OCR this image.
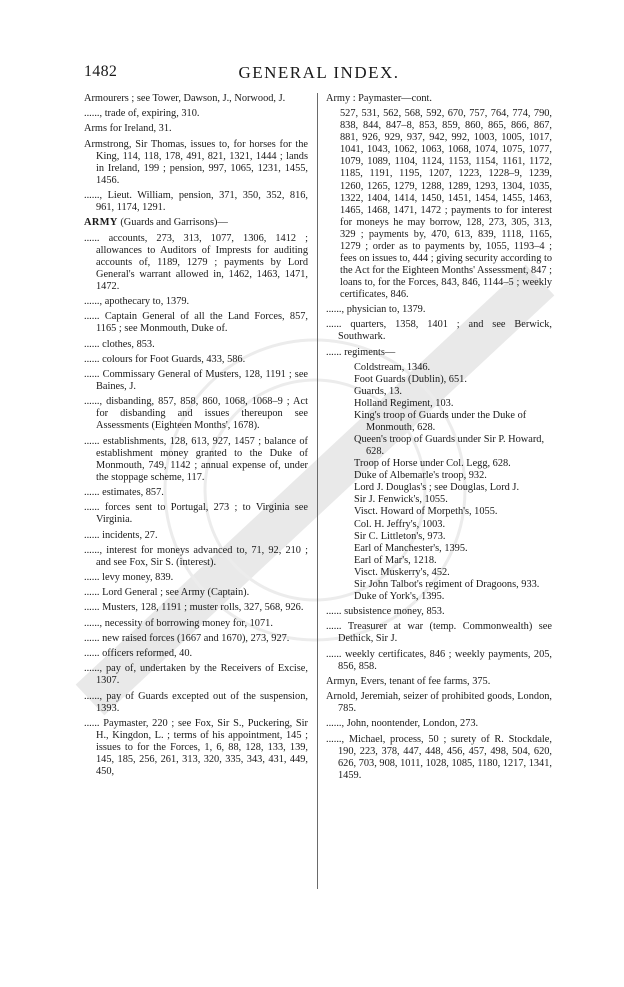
1482	GENERAL INDEX.
Armourers ; see Tower, Dawson, J., Norwood, J.
......, trade of, expiring, 310.
Arms for Ireland, 31.
Armstrong, Sir Thomas, issues to, for horses for the King, 114, 118, 178, 491, 821, 1321, 1444 ; lands in Ireland, 199 ; pension, 997, 1065, 1231, 1455, 1456.
......, Lieut. William, pension, 371, 350, 352, 816, 961, 1174, 1291.
ARMY (Guards and Garrisons)—
...... accounts, 273, 313, 1077, 1306, 1412 ; allowances to Auditors of Imprests for auditing accounts of, 1189, 1279 ; payments by Lord General's warrant allowed in, 1462, 1463, 1471, 1472.
......, apothecary to, 1379.
...... Captain General of all the Land Forces, 857, 1165 ; see Monmouth, Duke of.
...... clothes, 853.
...... colours for Foot Guards, 433, 586.
...... Commissary General of Musters, 128, 1191 ; see Baines, J.
......, disbanding, 857, 858, 860, 1068, 1068–9 ; Act for disbanding and issues thereupon see Assessments (Eighteen Months', 1678).
...... establishments, 128, 613, 927, 1457 ; balance of establishment money granted to the Duke of Monmouth, 749, 1142 ; annual expense of, under the stoppage scheme, 117.
...... estimates, 857.
...... forces sent to Portugal, 273 ; to Virginia see Virginia.
...... incidents, 27.
......, interest for moneys advanced to, 71, 92, 210 ; and see Fox, Sir S. (interest).
...... levy money, 839.
...... Lord General ; see Army (Captain).
...... Musters, 128, 1191 ; muster rolls, 327, 568, 926.
......, necessity of borrowing money for, 1071.
...... new raised forces (1667 and 1670), 273, 927.
...... officers reformed, 40.
......, pay of, undertaken by the Receivers of Excise, 1307.
......, pay of Guards excepted out of the suspension, 1393.
...... Paymaster, 220 ; see Fox, Sir S., Puckering, Sir H., Kingdon, L. ; terms of his appointment, 145 ; issues to for the Forces, 1, 6, 88, 128, 133, 139, 145, 185, 256, 261, 313, 320, 335, 343, 431, 449, 450,
Army : Paymaster—cont.
527, 531, 562, 568, 592, 670, 757, 764, 774, 790, 838, 844, 847–8, 853, 859, 860, 865, 866, 867, 881, 926, 929, 937, 942, 992, 1003, 1005, 1017, 1041, 1043, 1062, 1063, 1068, 1074, 1075, 1077, 1079, 1089, 1104, 1124, 1153, 1154, 1161, 1172, 1185, 1191, 1195, 1207, 1223, 1228–9, 1239, 1260, 1265, 1279, 1288, 1289, 1293, 1304, 1035, 1322, 1404, 1414, 1450, 1451, 1454, 1455, 1463, 1465, 1468, 1471, 1472 ; payments to for interest for moneys he may borrow, 128, 273, 305, 313, 329 ; payments by, 470, 613, 839, 1118, 1165, 1279 ; order as to payments by, 1055, 1193–4 ; fees on issues to, 444 ; giving security according to the Act for the Eighteen Months' Assessment, 847 ; loans to, for the Forces, 843, 846, 1144–5 ; weekly certificates, 846.
......, physician to, 1379.
...... quarters, 1358, 1401 ; and see Berwick, Southwark.
...... regiments—
Coldstream, 1346.
Foot Guards (Dublin), 651.
Guards, 13.
Holland Regiment, 103.
King's troop of Guards under the Duke of Monmouth, 628.
Queen's troop of Guards under Sir P. Howard, 628.
Troop of Horse under Col. Legg, 628.
Duke of Albemarle's troop, 932.
Lord J. Douglas's ; see Douglas, Lord J.
Sir J. Fenwick's, 1055.
Visct. Howard of Morpeth's, 1055.
Col. H. Jeffry's, 1003.
Sir C. Littleton's, 973.
Earl of Manchester's, 1395.
Earl of Mar's, 1218.
Visct. Muskerry's, 452.
Sir John Talbot's regiment of Dragoons, 933.
Duke of York's, 1395.
...... subsistence money, 853.
...... Treasurer at war (temp. Commonwealth) see Dethick, Sir J.
...... weekly certificates, 846 ; weekly payments, 205, 856, 858.
Armyn, Evers, tenant of fee farms, 375.
Arnold, Jeremiah, seizer of prohibited goods, London, 785.
......, John, noontender, London, 273.
......, Michael, process, 50 ; surety of R. Stockdale, 190, 223, 378, 447, 448, 456, 457, 498, 504, 620, 626, 703, 908, 1011, 1028, 1085, 1180, 1217, 1341, 1459.
